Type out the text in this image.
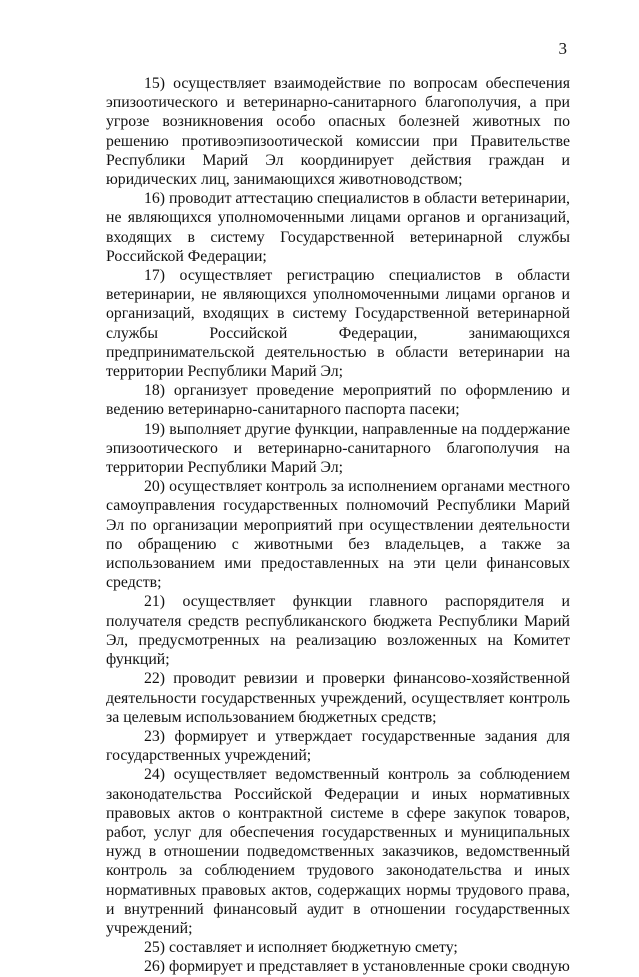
3

15) осуществляет взаимодействие по вопросам обеспечения эпизоотического и ветеринарно-санитарного благополучия, а при угрозе возникновения особо опасных болезней животных по решению противоэпизоотической комиссии при Правительстве Республики Марий Эл координирует действия граждан и юридических лиц, занимающихся животноводством;

16) проводит аттестацию специалистов в области ветеринарии, не являющихся уполномоченными лицами органов и организаций, входящих в систему Государственной ветеринарной службы Российской Федерации;

17) осуществляет регистрацию специалистов в области ветеринарии, не являющихся уполномоченными лицами органов и организаций, входящих в систему Государственной ветеринарной службы Российской Федерации, занимающихся предпринимательской деятельностью в области ветеринарии на территории Республики Марий Эл;

18) организует проведение мероприятий по оформлению и ведению ветеринарно-санитарного паспорта пасеки;

19) выполняет другие функции, направленные на поддержание эпизоотического и ветеринарно-санитарного благополучия на территории Республики Марий Эл;

20) осуществляет контроль за исполнением органами местного самоуправления государственных полномочий Республики Марий Эл по организации мероприятий при осуществлении деятельности по обращению с животными без владельцев, а также за использованием ими предоставленных на эти цели финансовых средств;

21) осуществляет функции главного распорядителя и получателя средств республиканского бюджета Республики Марий Эл, предусмотренных на реализацию возложенных на Комитет функций;

22) проводит ревизии и проверки финансово-хозяйственной деятельности государственных учреждений, осуществляет контроль за целевым использованием бюджетных средств;

23) формирует и утверждает государственные задания для государственных учреждений;

24) осуществляет ведомственный контроль за соблюдением законодательства Российской Федерации и иных нормативных правовых актов о контрактной системе в сфере закупок товаров, работ, услуг для обеспечения государственных и муниципальных нужд в отношении подведомственных заказчиков, ведомственный контроль за соблюдением трудового законодательства и иных нормативных правовых актов, содержащих нормы трудового права, и внутренний финансовый аудит в отношении государственных учреждений;

25) составляет и исполняет бюджетную смету;

26) формирует и представляет в установленные сроки сводную
